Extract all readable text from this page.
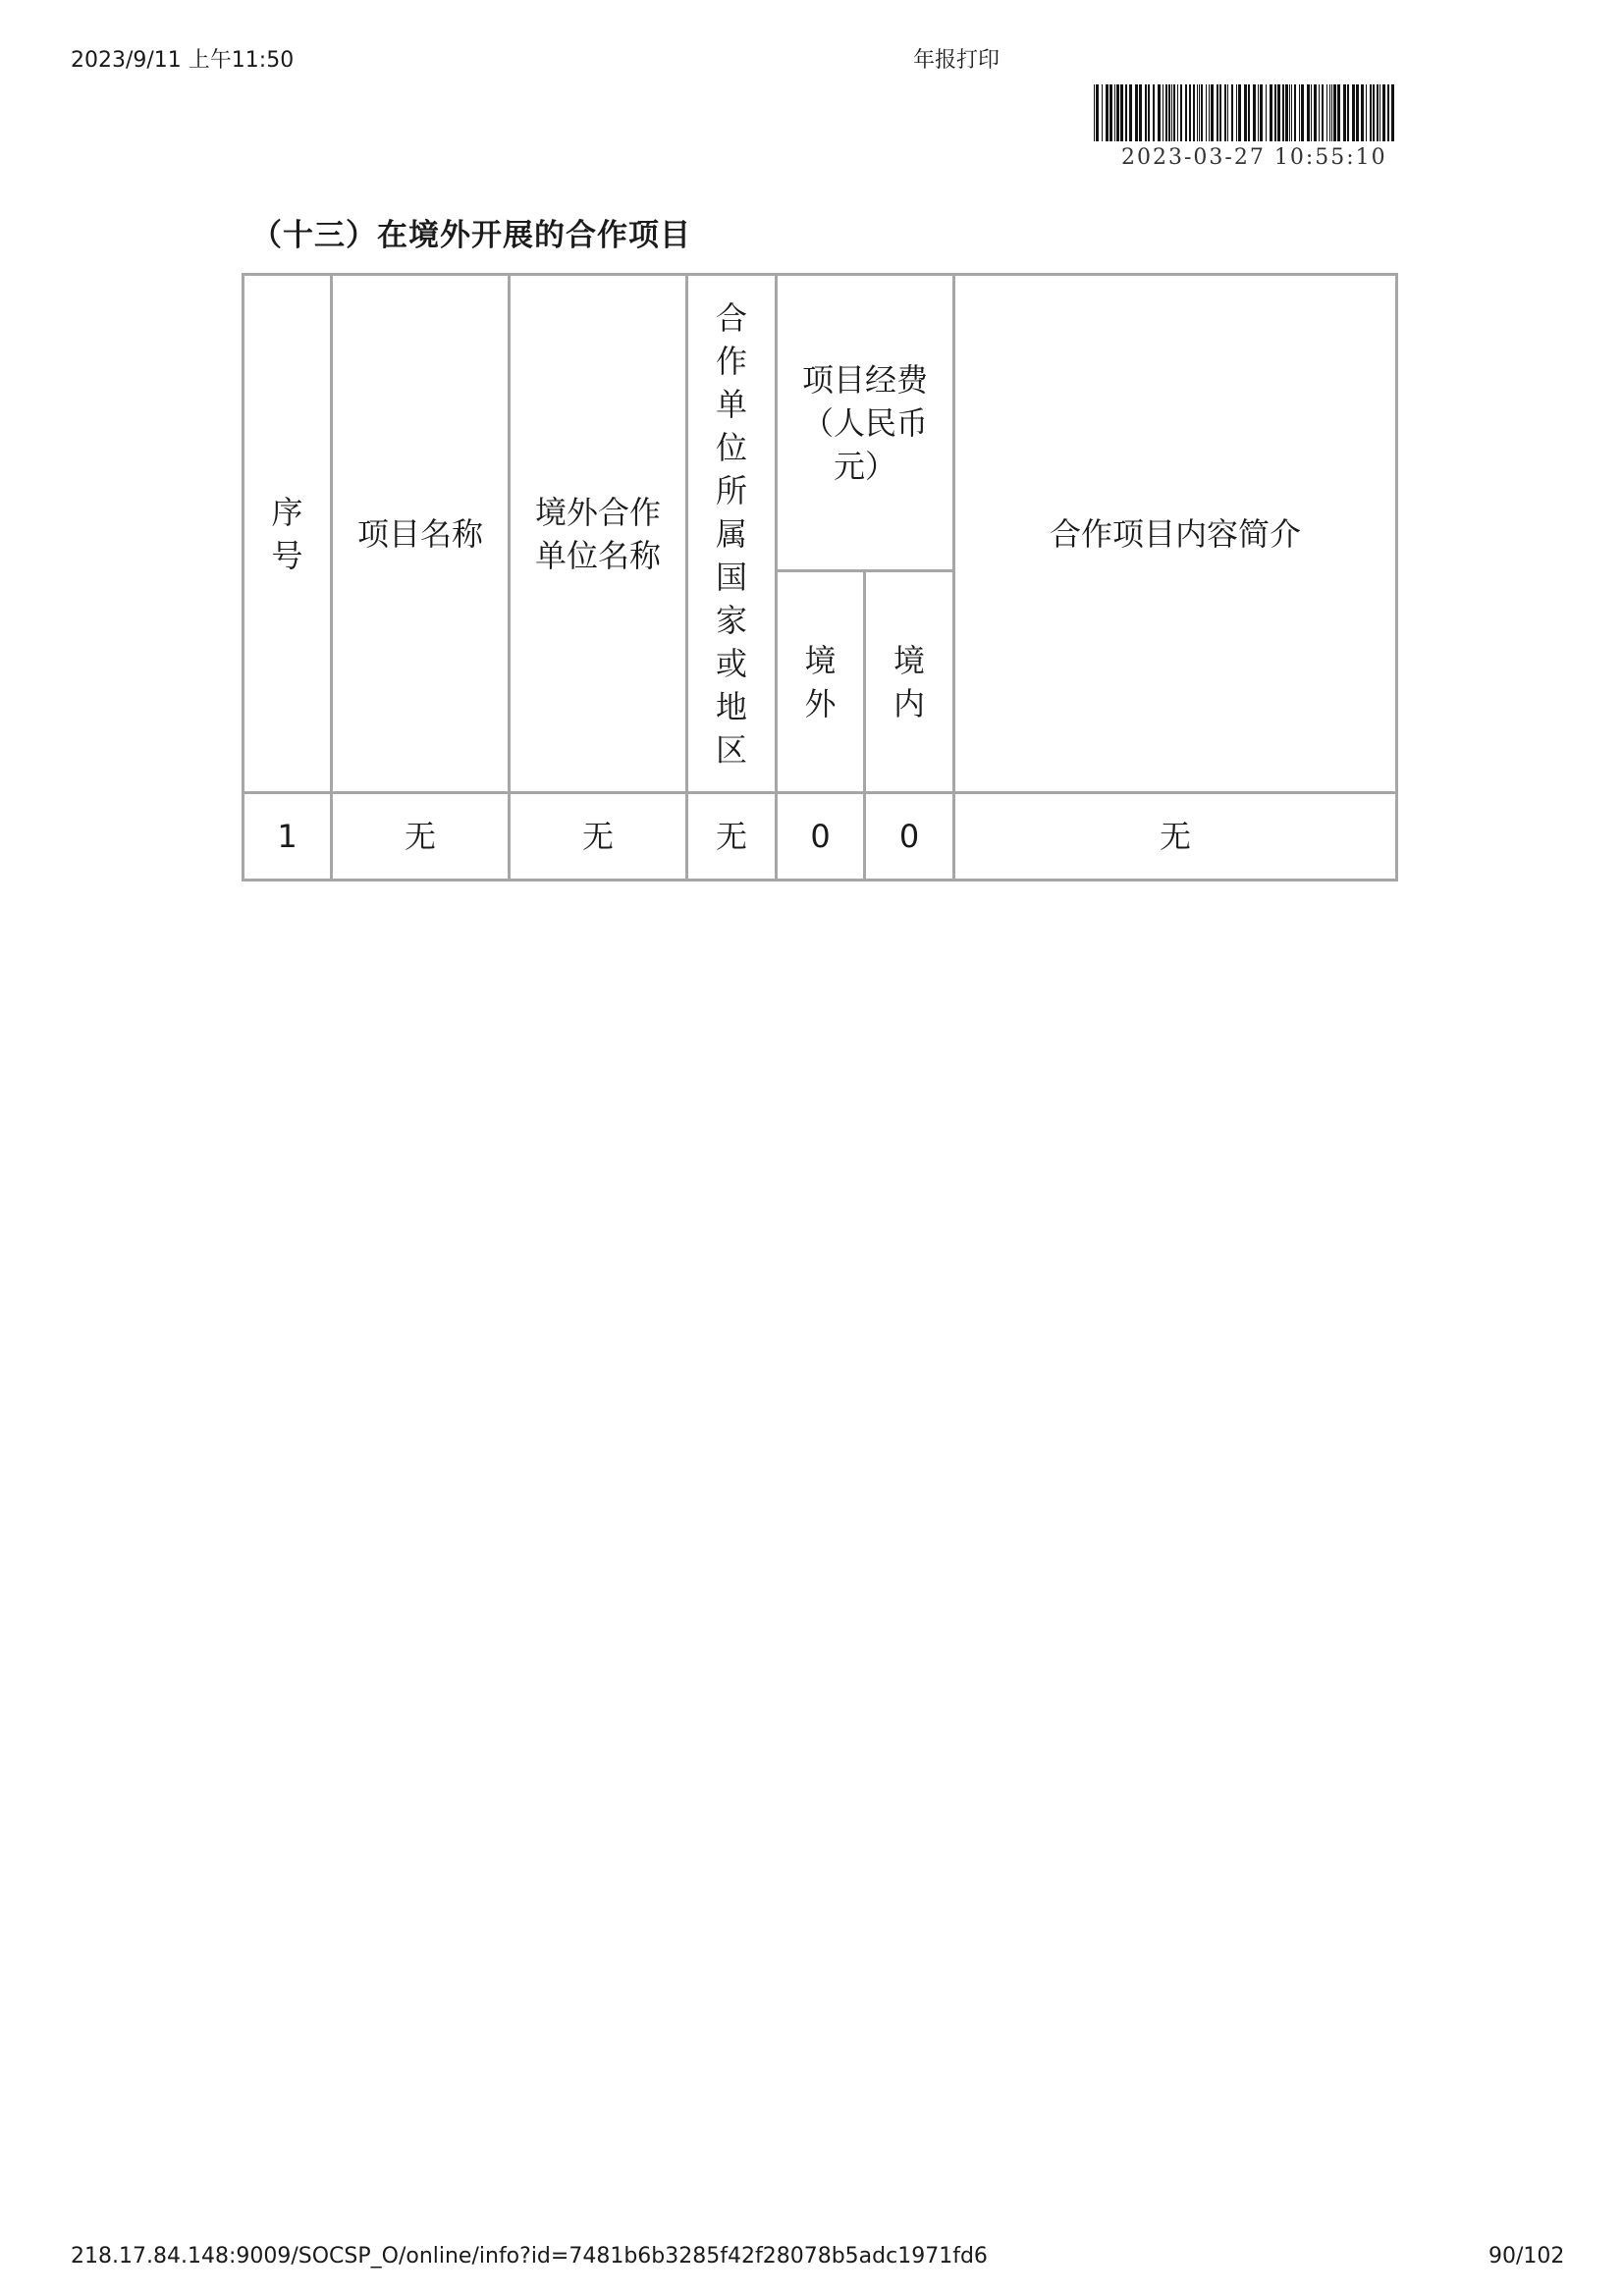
2023/9/11 上午11:50	年报打印
2023-03-27 10:55:10
（十三）在境外开展的合作项目
序号	项目名称	境外合作单位名称	合作单位所属国家或地区	项目经费（人民币元）		合作项目内容简介
				境外	境内	
1	无	无	无	0	0	无
218.17.84.148:9009/SOCSP_O/online/info?id=7481b6b3285f42f28078b5adc1971fd6	90/102
